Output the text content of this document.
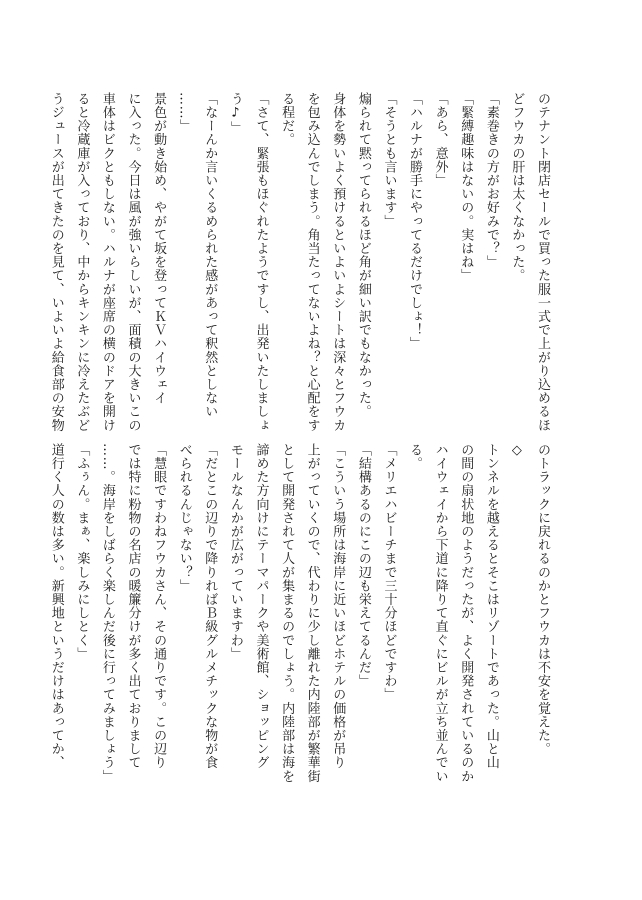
のテナント閉店セールで買った服一式で上がり込めるほ
どフウカの肝は太くなかった。
「素巻きの方がお好みで？」
「緊縛趣味はないの。実はね」
「あら、意外」
「ハルナが勝手にやってるだけでしょ！」
「そうとも言います」
煽られて黙ってられるほど角が細い訳でもなかった。
身体を勢いよく預けるといよいよシートは深々とフウカ
を包み込んでしまう。角当たってないよね？と心配をす
る程だ。
「さて、緊張もほぐれたようですし、出発いたしましょ
う♪」
「なーんか言いくるめられた感があって釈然としない
……」
景色が動き始め、やがて坂を登ってＫＶハイウェイ
に入った。今日は風が強いらしいが、面積の大きいこの
車体はビクともしない。ハルナが座席の横のドアを開け
ると冷蔵庫が入っており、中からキンキンに冷えたぶど
うジュースが出てきたのを見て、いよいよ給食部の安物
のトラックに戻れるのかとフウカは不安を覚えた。
◇
トンネルを越えるとそこはリゾートであった。山と山
の間の扇状地のようだったが、よく開発されているのか
ハイウェイから下道に降りて直ぐにビルが立ち並んでい
る。
「メリエハビーチまで三十分ほどですわ」
「結構あるのにこの辺も栄えてるんだ」
「こういう場所は海岸に近いほどホテルの価格が吊り
上がっていくので、代わりに少し離れた内陸部が繁華街
として開発されて人が集まるのでしょう。内陸部は海を
諦めた方向けにテーマパークや美術館、ショッピング
モールなんかが広がっていますわ」
「だとこの辺りで降りればＢ級グルメチックな物が食
べられるんじゃない？」
「慧眼ですわねフウカさん、その通りです。この辺り
では特に粉物の名店の暖簾分けが多く出ておりまして
……。海岸をしばらく楽しんだ後に行ってみましょう」
「ふぅん。まぁ、楽しみにしとく」
道行く人の数は多い。新興地というだけはあってか、
